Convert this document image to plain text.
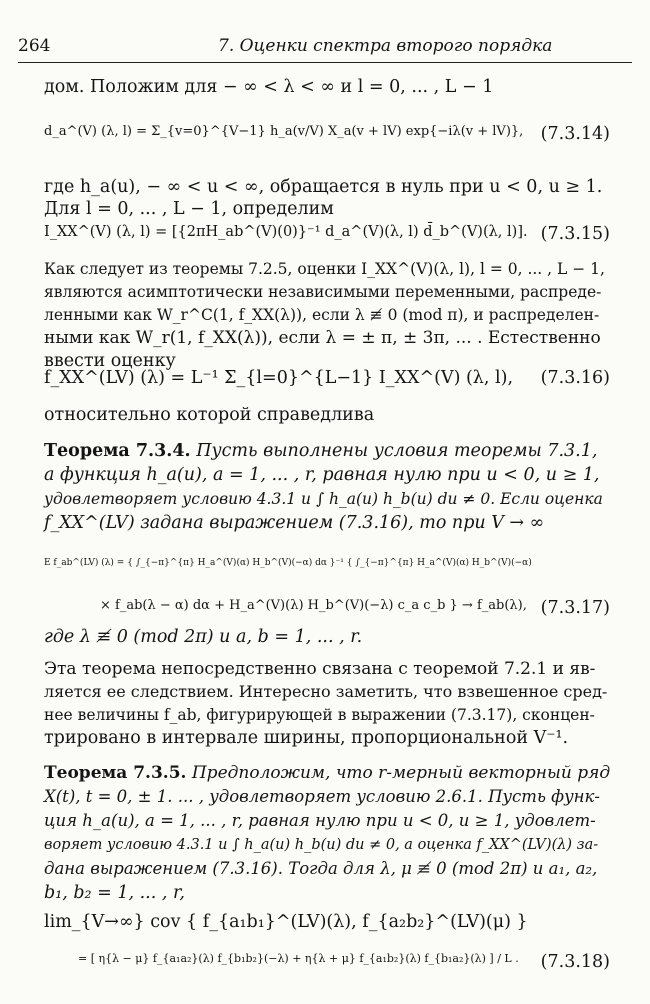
264	7. Оценки спектра второго порядка
дом. Положим для − ∞ < λ < ∞ и l = 0, ... , L − 1
d_a^(V) (λ, l) = Σ_{v=0}^{V−1} h_a(v/V) X_a(v + lV) exp{−iλ(v + lV)}, (7.3.14)
где h_a(u), − ∞ < u < ∞, обращается в нуль при u < 0, u ≥ 1.
Для l = 0, ... , L − 1, определим
I_XX^(V) (λ, l) = [{2πH_ab^(V)(0)}⁻¹ d_a^(V)(λ, l) d̄_b^(V)(λ, l)]. (7.3.15)
Как следует из теоремы 7.2.5, оценки I_XX^(V)(λ, l), l = 0, ... , L − 1,
являются асимптотически независимыми переменными, распреде-
ленными как W_r^C(1, f_XX(λ)), если λ ≢ 0 (mod π), и распределен-
ными как W_r(1, f_XX(λ)), если λ = ± π, ± 3π, ... . Естественно
ввести оценку
f_XX^(LV) (λ) = L⁻¹ Σ_{l=0}^{L−1} I_XX^(V) (λ, l), (7.3.16)
относительно которой справедлива
Теорема 7.3.4. Пусть выполнены условия теоремы 7.3.1,
а функция h_a(u), a = 1, ... , r, равная нулю при u < 0, u ≥ 1,
удовлетворяет условию 4.3.1 и ∫ h_a(u) h_b(u) du ≠ 0. Если оценка
f_XX^(LV) задана выражением (7.3.16), то при V → ∞
E f_ab^(LV) (λ) = { ∫_{−π}^{π} H_a^(V)(α) H_b^(V)(−α) dα }⁻¹ { ∫_{−π}^{π} H_a^(V)(α) H_b^(V)(−α)
× f_ab(λ − α) dα + H_a^(V)(λ) H_b^(V)(−λ) c_a c_b } → f_ab(λ), (7.3.17)
где λ ≢ 0 (mod 2π) и a, b = 1, ... , r.
Эта теорема непосредственно связана с теоремой 7.2.1 и яв-
ляется ее следствием. Интересно заметить, что взвешенное сред-
нее величины f_ab, фигурирующей в выражении (7.3.17), сконцен-
трировано в интервале ширины, пропорциональной V⁻¹.
Теорема 7.3.5. Предположим, что r-мерный векторный ряд
X(t), t = 0, ± 1. ... , удовлетворяет условию 2.6.1. Пусть функ-
ция h_a(u), a = 1, ... , r, равная нулю при u < 0, u ≥ 1, удовлет-
воряет условию 4.3.1 и ∫ h_a(u) h_b(u) du ≠ 0, а оценка f_XX^(LV)(λ) за-
дана выражением (7.3.16). Тогда для λ, μ ≢ 0 (mod 2π) и a₁, a₂,
b₁, b₂ = 1, ... , r,
lim_{V→∞} cov { f_{a₁b₁}^(LV)(λ), f_{a₂b₂}^(LV)(μ) }
= [ η{λ − μ} f_{a₁a₂}(λ) f_{b₁b₂}(−λ) + η{λ + μ} f_{a₁b₂}(λ) f_{b₁a₂}(λ) ] / L . (7.3.18)
